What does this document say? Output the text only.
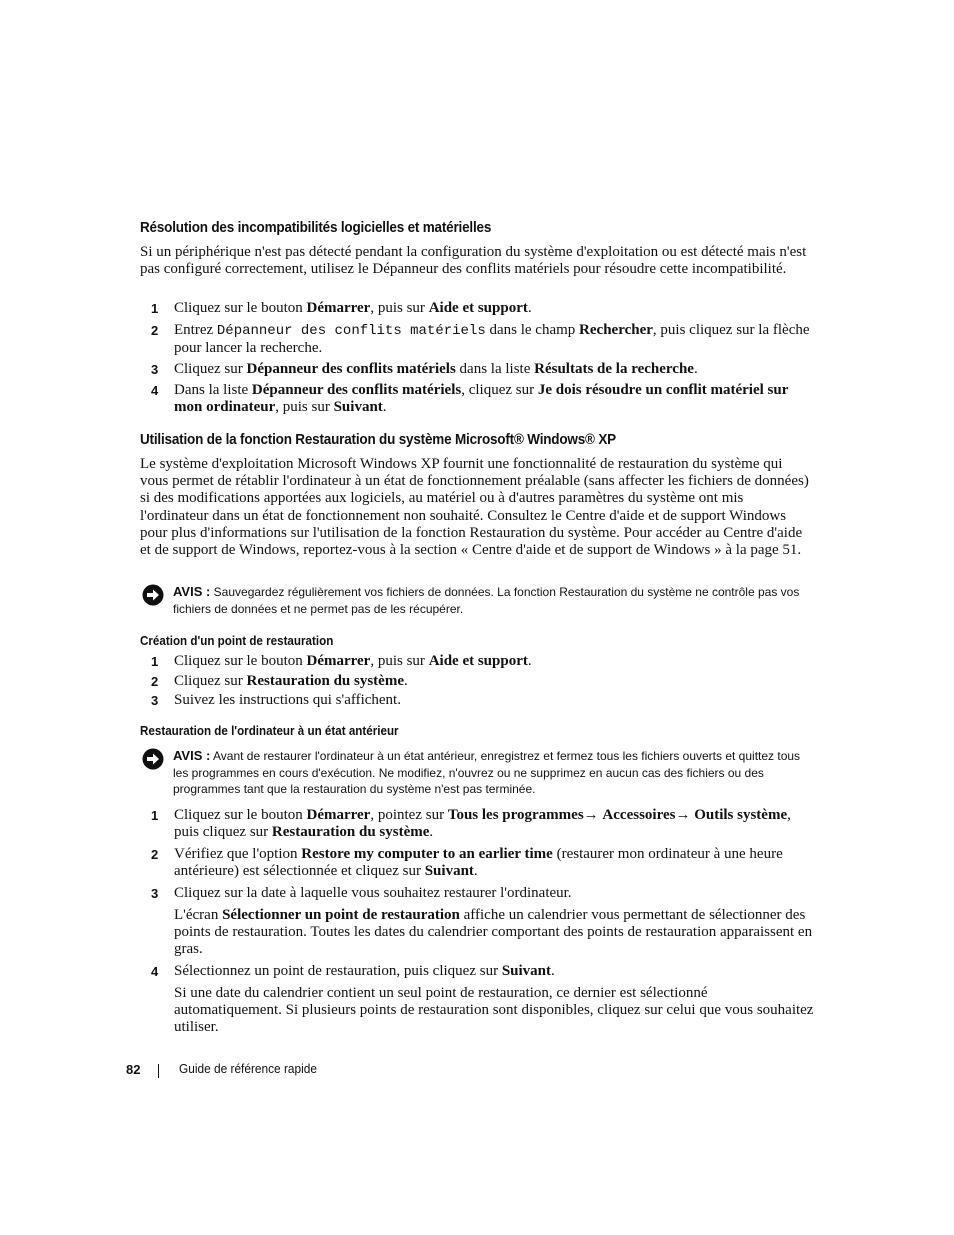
Résolution des incompatibilités logicielles et matérielles

Si un périphérique n'est pas détecté pendant la configuration du système d'exploitation ou est détecté mais n'est pas configuré correctement, utilisez le Dépanneur des conflits matériels pour résoudre cette incompatibilité.

1 Cliquez sur le bouton Démarrer, puis sur Aide et support.
2 Entrez Dépanneur des conflits matériels dans le champ Rechercher, puis cliquez sur la flèche pour lancer la recherche.
3 Cliquez sur Dépanneur des conflits matériels dans la liste Résultats de la recherche.
4 Dans la liste Dépanneur des conflits matériels, cliquez sur Je dois résoudre un conflit matériel sur mon ordinateur, puis sur Suivant.
Utilisation de la fonction Restauration du système Microsoft® Windows® XP

Le système d'exploitation Microsoft Windows XP fournit une fonctionnalité de restauration du système qui vous permet de rétablir l'ordinateur à un état de fonctionnement préalable (sans affecter les fichiers de données) si des modifications apportées aux logiciels, au matériel ou à d'autres paramètres du système ont mis l'ordinateur dans un état de fonctionnement non souhaité. Consultez le Centre d'aide et de support Windows pour plus d'informations sur l'utilisation de la fonction Restauration du système. Pour accéder au Centre d'aide et de support de Windows, reportez-vous à la section « Centre d'aide et de support de Windows » à la page 51.

AVIS : Sauvegardez régulièrement vos fichiers de données. La fonction Restauration du système ne contrôle pas vos fichiers de données et ne permet pas de les récupérer.
Création d'un point de restauration
1 Cliquez sur le bouton Démarrer, puis sur Aide et support.
2 Cliquez sur Restauration du système.
3 Suivez les instructions qui s'affichent.
Restauration de l'ordinateur à un état antérieur
AVIS : Avant de restaurer l'ordinateur à un état antérieur, enregistrez et fermez tous les fichiers ouverts et quittez tous les programmes en cours d'exécution. Ne modifiez, n'ouvrez ou ne supprimez en aucun cas des fichiers ou des programmes tant que la restauration du système n'est pas terminée.
1 Cliquez sur le bouton Démarrer, pointez sur Tous les programmes→ Accessoires→ Outils système, puis cliquez sur Restauration du système.
2 Vérifiez que l'option Restore my computer to an earlier time (restaurer mon ordinateur à une heure antérieure) est sélectionnée et cliquez sur Suivant.
3 Cliquez sur la date à laquelle vous souhaitez restaurer l'ordinateur.

L'écran Sélectionner un point de restauration affiche un calendrier vous permettant de sélectionner des points de restauration. Toutes les dates du calendrier comportant des points de restauration apparaissent en gras.

4 Sélectionnez un point de restauration, puis cliquez sur Suivant.

Si une date du calendrier contient un seul point de restauration, ce dernier est sélectionné automatiquement. Si plusieurs points de restauration sont disponibles, cliquez sur celui que vous souhaitez utiliser.

82	Guide de référence rapide
